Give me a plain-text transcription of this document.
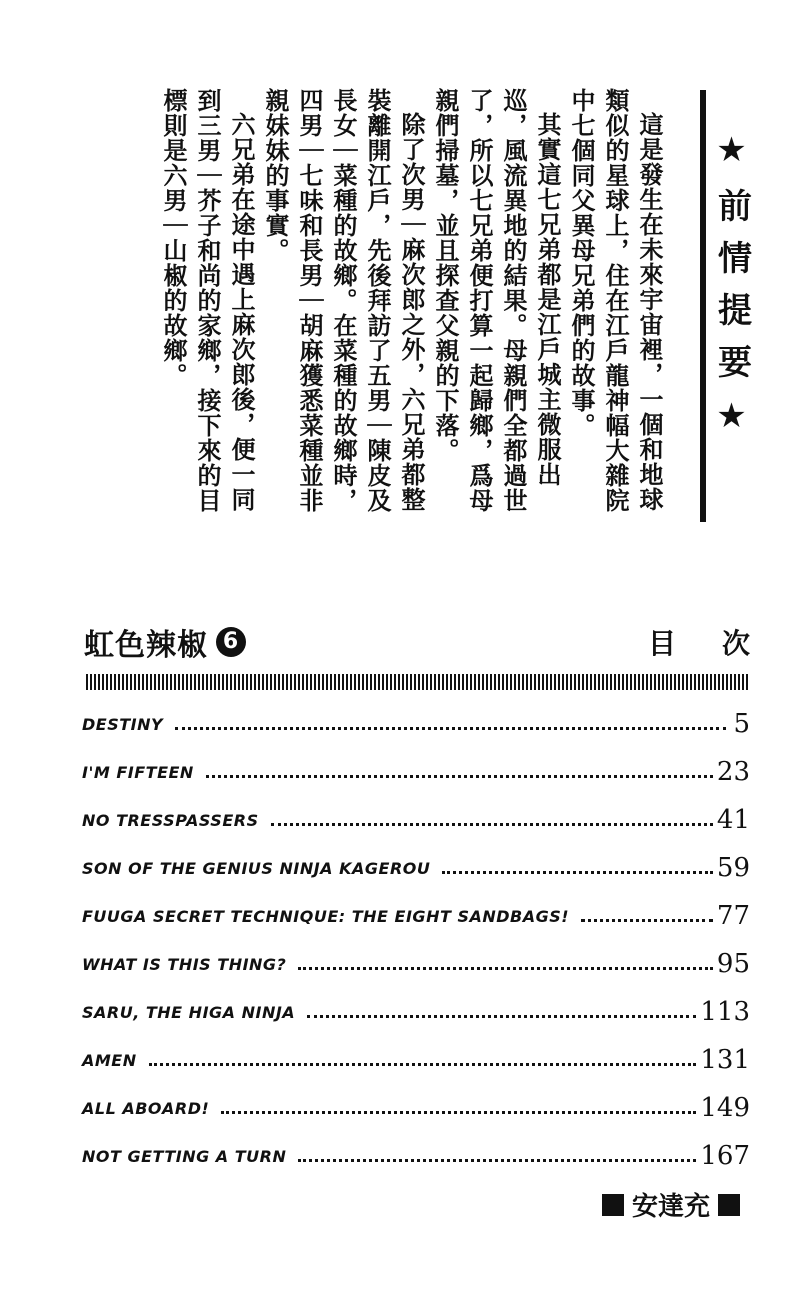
★前情提要★

這是發生在未來宇宙裡，一個和地球類似的星球上，住在江戶龍神幅大雜院中七個同父異母兄弟們的故事。

其實這七兄弟都是江戶城主微服出巡，風流異地的結果。母親們全都過世了，所以七兄弟便打算一起歸鄉，爲母親們掃墓，並且探查父親的下落。

除了次男｜麻次郎之外，六兄弟都整裝離開江戶，先後拜訪了五男｜陳皮及長女｜菜種的故鄉。在菜種的故鄉時，四男｜七味和長男｜胡麻獲悉菜種並非親妹妹的事實。

六兄弟在途中遇上麻次郎後，便一同到三男｜芥子和尚的家鄉，接下來的目標則是六男｜山椒的故鄉。

虹色辣椒 6	目次
DESTINY	5
I'M FIFTEEN	23
NO TRESSPASSERS	41
SON OF THE GENIUS NINJA KAGEROU	59
FUUGA SECRET TECHNIQUE: THE EIGHT SANDBAGS!	77
WHAT IS THIS THING?	95
SARU, THE HIGA NINJA	113
AMEN	131
ALL ABOARD!	149
NOT GETTING A TURN	167
安達充
